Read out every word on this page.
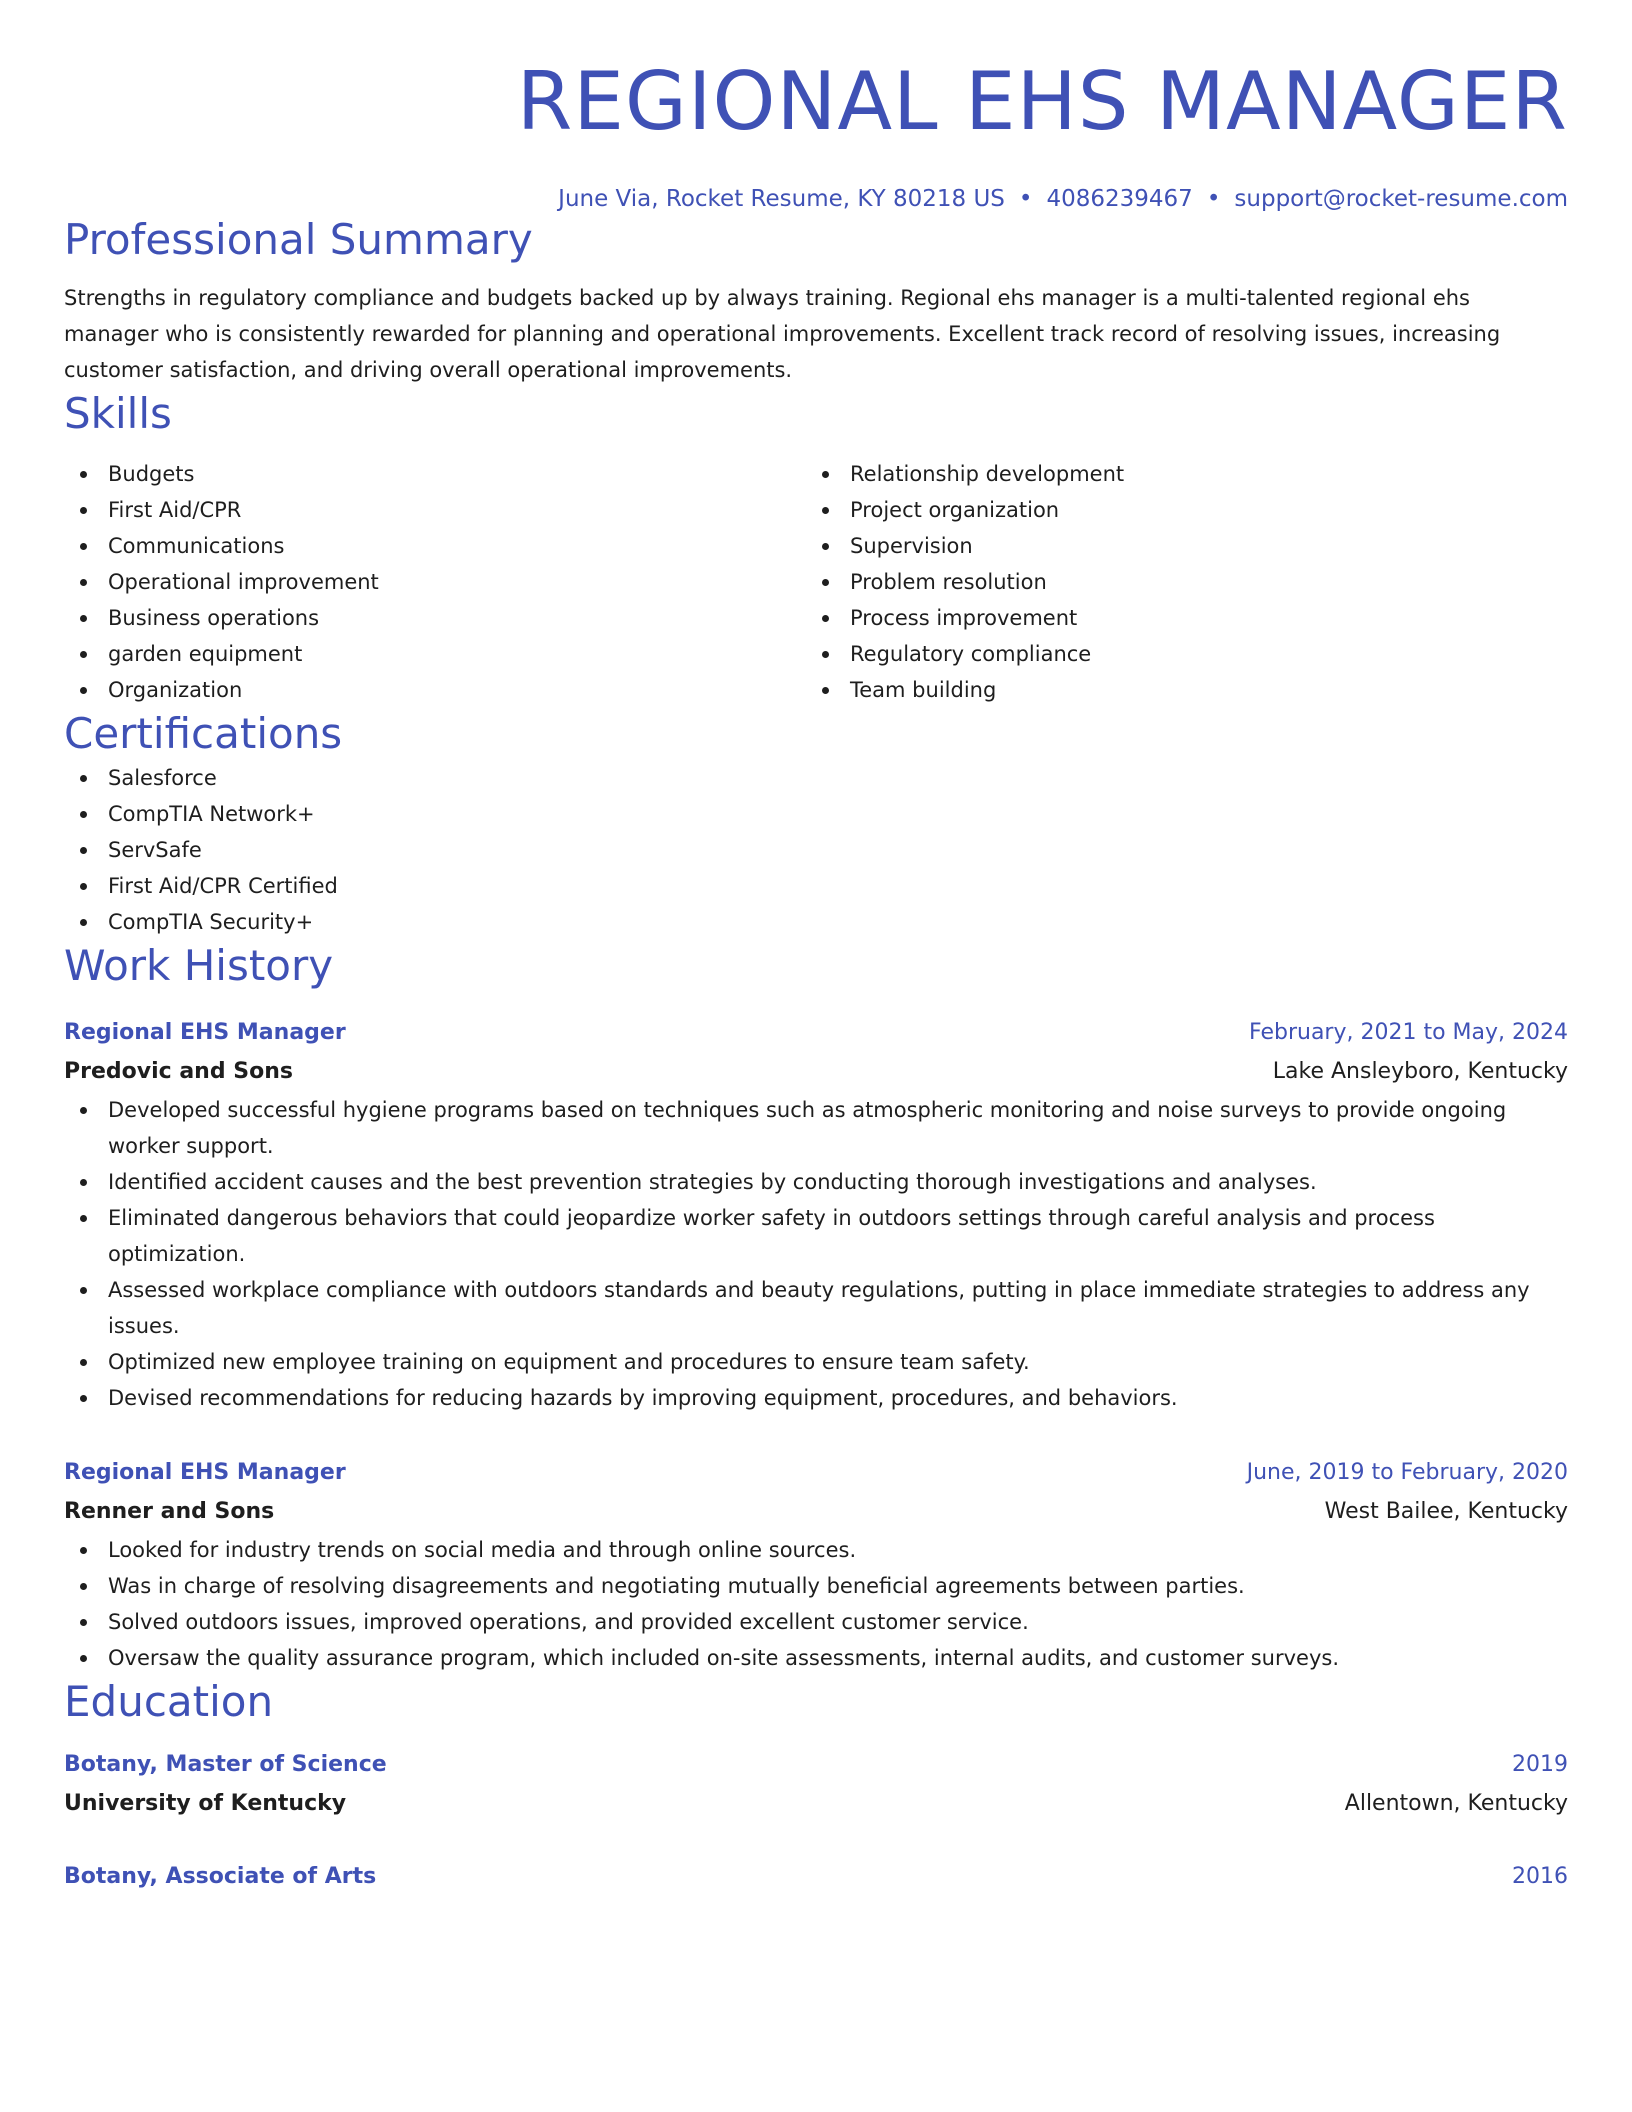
REGIONAL EHS MANAGER
June Via, Rocket Resume, KY 80218 US • 4086239467 • support@rocket-resume.com
Professional Summary
Strengths in regulatory compliance and budgets backed up by always training. Regional ehs manager is a multi-talented regional ehs manager who is consistently rewarded for planning and operational improvements. Excellent track record of resolving issues, increasing customer satisfaction, and driving overall operational improvements.
Skills
Budgets
First Aid/CPR
Communications
Operational improvement
Business operations
garden equipment
Organization
Relationship development
Project organization
Supervision
Problem resolution
Process improvement
Regulatory compliance
Team building
Certifications
Salesforce
CompTIA Network+
ServSafe
First Aid/CPR Certified
CompTIA Security+
Work History
Regional EHS Manager	February, 2021 to May, 2024
Predovic and Sons	Lake Ansleyboro, Kentucky
Developed successful hygiene programs based on techniques such as atmospheric monitoring and noise surveys to provide ongoing worker support.
Identified accident causes and the best prevention strategies by conducting thorough investigations and analyses.
Eliminated dangerous behaviors that could jeopardize worker safety in outdoors settings through careful analysis and process optimization.
Assessed workplace compliance with outdoors standards and beauty regulations, putting in place immediate strategies to address any issues.
Optimized new employee training on equipment and procedures to ensure team safety.
Devised recommendations for reducing hazards by improving equipment, procedures, and behaviors.
Regional EHS Manager	June, 2019 to February, 2020
Renner and Sons	West Bailee, Kentucky
Looked for industry trends on social media and through online sources.
Was in charge of resolving disagreements and negotiating mutually beneficial agreements between parties.
Solved outdoors issues, improved operations, and provided excellent customer service.
Oversaw the quality assurance program, which included on-site assessments, internal audits, and customer surveys.
Education
Botany, Master of Science	2019
University of Kentucky	Allentown, Kentucky
Botany, Associate of Arts	2016
